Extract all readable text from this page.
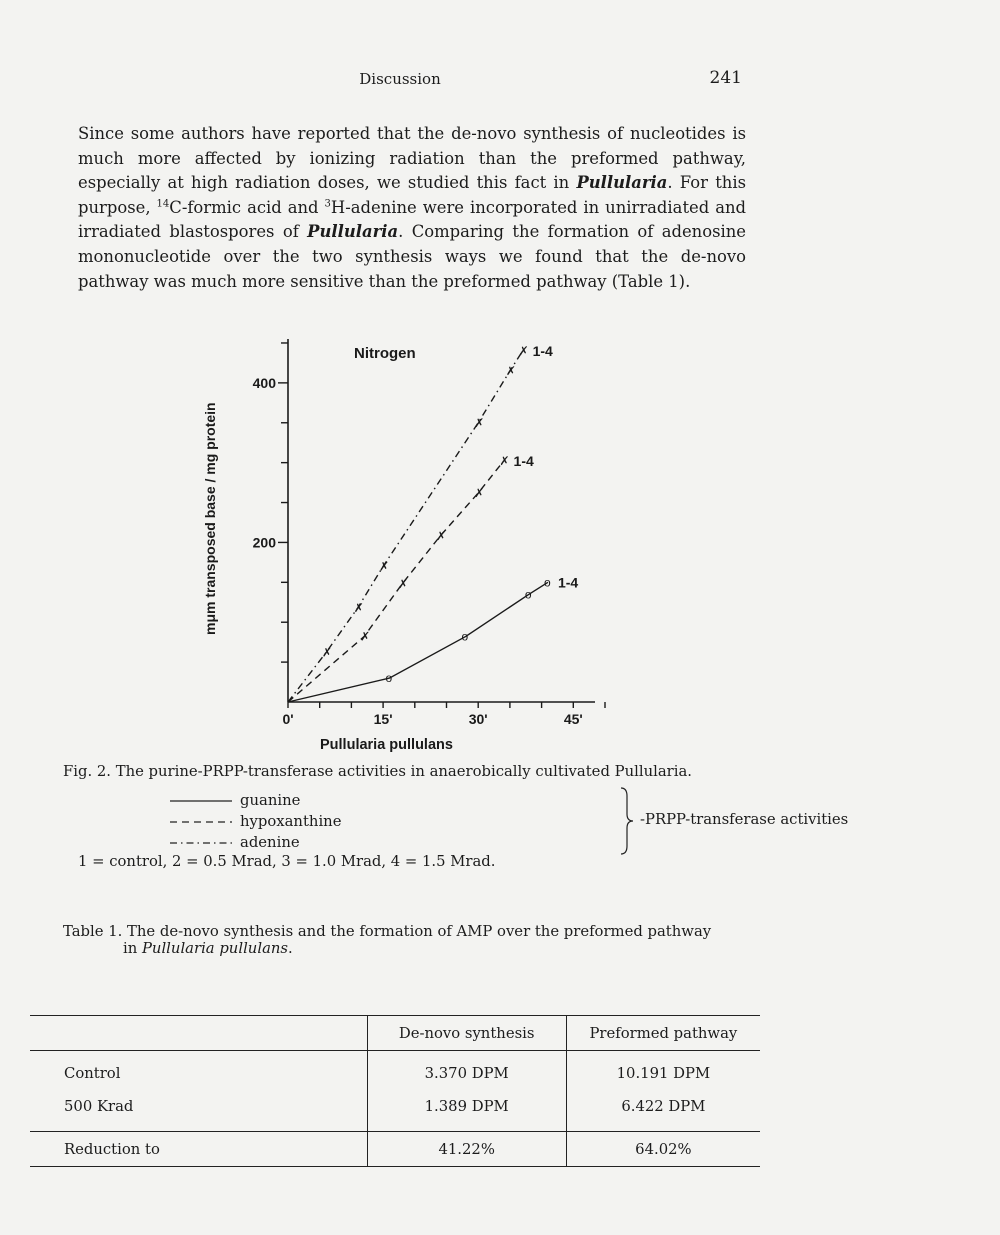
Discussion	241
Since some authors have reported that the de-novo synthesis of nucleotides is much more affected by ionizing radiation than the preformed pathway, especially at high radiation doses, we studied this fact in Pullularia. For this purpose, $^{14}$C-formic acid and $^3$H-adenine were incorporated in unirradiated and irradiated blastospores of Pullularia. Comparing the formation of adenosine mononucleotide over the two synthesis ways we found that the de-novo pathway was much more sensitive than the preformed pathway (Table 1).
✗
✗
✗
✗
✗
✗
✗
✗
✗
✗
✗
o
o
o
o
200
400
0'	15'	30'	45'
1-4
1-4
1-4
mμm transposed base / mg protein
Pullularia pullulans
Nitrogen
Fig. 2. The purine-PRPP-transferase activities in anaerobically cultivated Pullularia.
guanine
hypoxanthine
adenine
-PRPP-transferase activities
1 = control, 2 = 0.5 Mrad, 3 = 1.0 Mrad, 4 = 1.5 Mrad.
Table 1. The de-novo synthesis and the formation of AMP over the preformed pathway
in Pullularia pullulans.
	De-novo synthesis	Preformed pathway
Control	3.370 DPM	10.191 DPM
500 Krad	1.389 DPM	6.422 DPM

Reduction to	41.22%	64.02%
